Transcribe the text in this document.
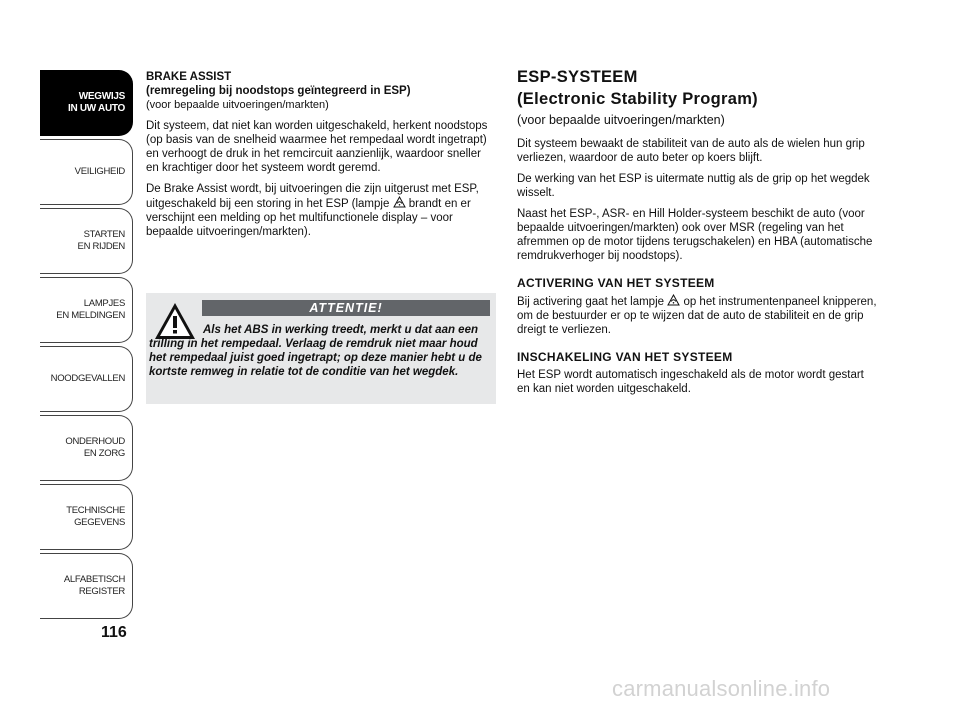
WEGWIJS
IN UW AUTO
VEILIGHEID
STARTEN
EN RIJDEN
LAMPJES
EN MELDINGEN
NOODGEVALLEN
ONDERHOUD
EN ZORG
TECHNISCHE
GEGEVENS
ALFABETISCH
REGISTER
116
BRAKE ASSIST
(remregeling bij noodstops geïntegreerd in ESP)
(voor bepaalde uitvoeringen/markten)

Dit systeem, dat niet kan worden uitgeschakeld, herkent noodstops (op basis van de snelheid waarmee het rempedaal wordt ingetrapt) en verhoogt de druk in het remcircuit aanzienlijk, waardoor sneller en krachtiger door het systeem wordt geremd.

De Brake Assist wordt, bij uitvoeringen die zijn uitgerust met ESP, uitgeschakeld bij een storing in het ESP (lampje brandt en er verschijnt een melding op het multifunctionele display – voor bepaalde uitvoeringen/markten).

ATTENTIE!
Als het ABS in werking treedt, merkt u dat aan een trilling in het rempedaal. Verlaag de remdruk niet maar houd het rempedaal juist goed ingetrapt; op deze manier hebt u de kortste remweg in relatie tot de conditie van het wegdek.
ESP-SYSTEEM
(Electronic Stability Program)
(voor bepaalde uitvoeringen/markten)

Dit systeem bewaakt de stabiliteit van de auto als de wielen hun grip verliezen, waardoor de auto beter op koers blijft.

De werking van het ESP is uitermate nuttig als de grip op het wegdek wisselt.

Naast het ESP-, ASR- en Hill Holder-systeem beschikt de auto (voor bepaalde uitvoeringen/markten) ook over MSR (regeling van het afremmen op de motor tijdens terugschakelen) en HBA (automatische remdrukverhoger bij noodstops).

ACTIVERING VAN HET SYSTEEM

Bij activering gaat het lampje op het instrumentenpaneel knipperen, om de bestuurder er op te wijzen dat de auto de stabiliteit en de grip dreigt te verliezen.

INSCHAKELING VAN HET SYSTEEM

Het ESP wordt automatisch ingeschakeld als de motor wordt gestart en kan niet worden uitgeschakeld.

carmanualsonline.info
